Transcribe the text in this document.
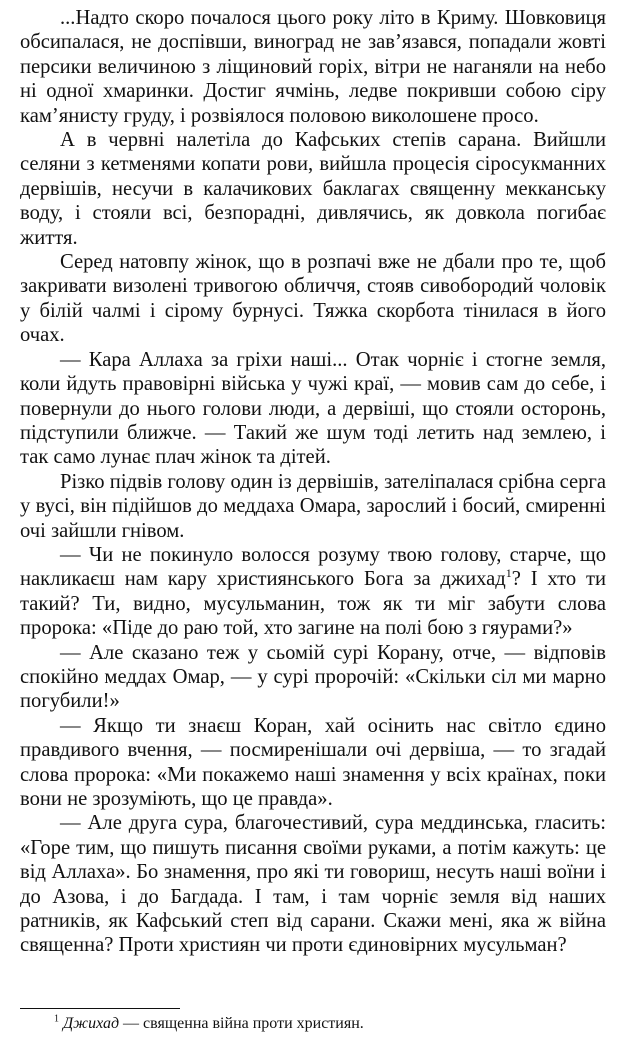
...Надто скоро почалося цього року літо в Криму. Шовковиця обсипалася, не доспівши, виноград не зав’язався, попадали жовті персики величиною з ліщиновий горіх, вітри не наганяли на небо ні одної хмаринки. Достиг ячмінь, ледве покривши собою сіру кам’янисту груду, і розвіялося половою виколошене просо.

А в червні налетіла до Кафських степів сарана. Вийшли селяни з кетменями копати рови, вийшла процесія сіросукманних дервішів, несучи в калачикових баклагах священну мекканську воду, і стояли всі, безпорадні, дивлячись, як довкола погибає життя.

Серед натовпу жінок, що в розпачі вже не дбали про те, щоб закривати визолені тривогою обличчя, стояв сивобородий чоловік у білій чалмі і сірому бурнусі. Тяжка скорбота тінилася в його очах.

— Кара Аллаха за гріхи наші... Отак чорніє і стогне земля, коли йдуть правовірні війська у чужі краї, — мовив сам до себе, і повернули до нього голови люди, а дервіші, що стояли осторонь, підступили ближче. — Такий же шум тоді летить над землею, і так само лунає плач жінок та дітей.

Різко підвів голову один із дервішів, зателіпалася срібна серга у вусі, він підійшов до меддаха Омара, зарослий і босий, смиренні очі зайшли гнівом.

— Чи не покинуло волосся розуму твою голову, старче, що накликаєш нам кару християнського Бога за джихад$^1$? І хто ти такий? Ти, видно, мусульманин, тож як ти міг забути слова пророка: «Піде до раю той, хто загине на полі бою з гяурами?»

— Але сказано теж у сьомій сурі Корану, отче, — відповів спокійно меддах Омар, — у сурі пророчій: «Скільки сіл ми марно погубили!»

— Якщо ти знаєш Коран, хай осінить нас світло єдино правдивого вчення, — посмиренішали очі дервіша, — то згадай слова пророка: «Ми покажемо наші знамення у всіх країнах, поки вони не зрозуміють, що це правда».

— Але друга сура, благочестивий, сура меддинська, гласить: «Горе тим, що пишуть писання своїми руками, а потім кажуть: це від Аллаха». Бо знамення, про які ти говориш, несуть наші воїни і до Азова, і до Багдада. І там, і там чорніє земля від наших ратників, як Кафський степ від сарани. Скажи мені, яка ж війна священна? Проти християн чи проти єдиновірних мусульман?

$^1$ Джихад — священна війна проти християн.
